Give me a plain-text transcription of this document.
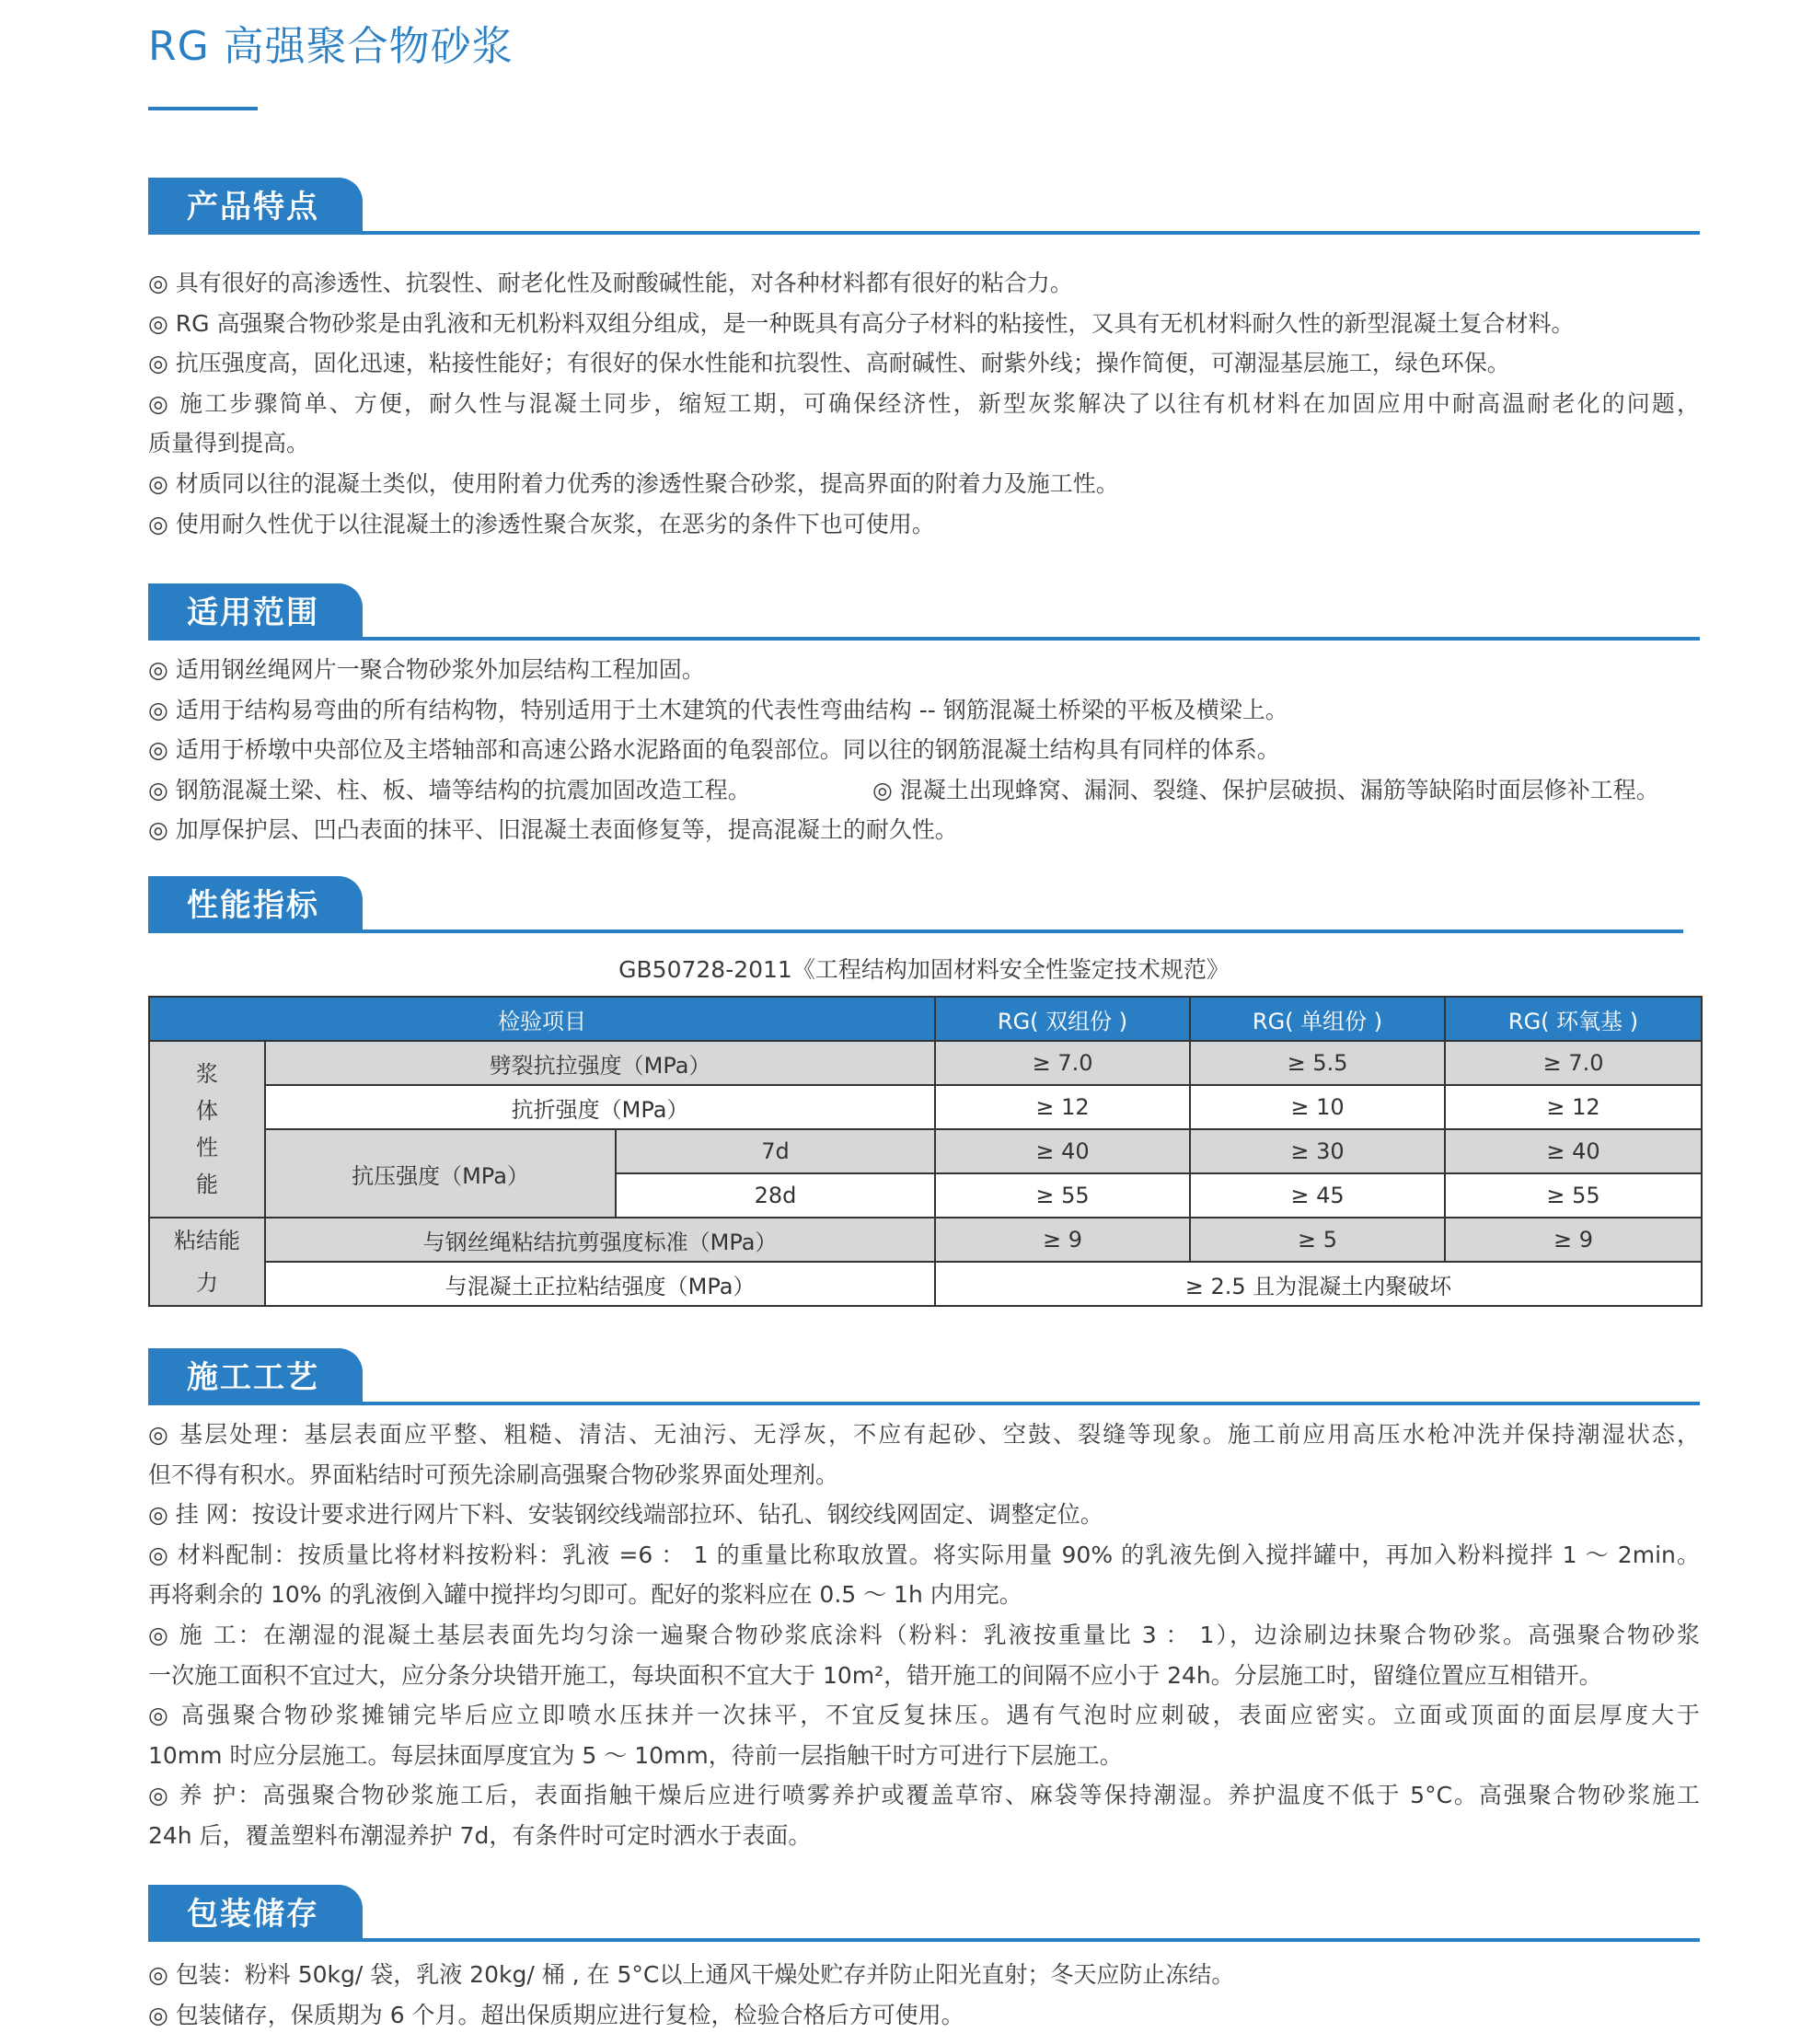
RG 高强聚合物砂浆
产品特点
◎ 具有很好的高渗透性、抗裂性、耐老化性及耐酸碱性能，对各种材料都有很好的粘合力。
◎ RG 高强聚合物砂浆是由乳液和无机粉料双组分组成，是一种既具有高分子材料的粘接性，又具有无机材料耐久性的新型混凝土复合材料。
◎ 抗压强度高，固化迅速，粘接性能好；有很好的保水性能和抗裂性、高耐碱性、耐紫外线；操作简便，可潮湿基层施工，绿色环保。
◎ 施工步骤简单、方便，耐久性与混凝土同步，缩短工期，可确保经济性，新型灰浆解决了以往有机材料在加固应用中耐高温耐老化的问题，
质量得到提高。
◎ 材质同以往的混凝土类似，使用附着力优秀的渗透性聚合砂浆，提高界面的附着力及施工性。
◎ 使用耐久性优于以往混凝土的渗透性聚合灰浆，在恶劣的条件下也可使用。
适用范围
◎ 适用钢丝绳网片一聚合物砂浆外加层结构工程加固。
◎ 适用于结构易弯曲的所有结构物，特别适用于土木建筑的代表性弯曲结构 -- 钢筋混凝土桥梁的平板及横梁上。
◎ 适用于桥墩中央部位及主塔轴部和高速公路水泥路面的龟裂部位。同以往的钢筋混凝土结构具有同样的体系。
◎ 钢筋混凝土梁、柱、板、墙等结构的抗震加固改造工程。	◎ 混凝土出现蜂窝、漏洞、裂缝、保护层破损、漏筋等缺陷时面层修补工程。
◎ 加厚保护层、凹凸表面的抹平、旧混凝土表面修复等，提高混凝土的耐久性。
性能指标
施工工艺
◎ 基层处理：基层表面应平整、粗糙、清洁、无油污、无浮灰，不应有起砂、空鼓、裂缝等现象。施工前应用高压水枪冲洗并保持潮湿状态，
但不得有积水。界面粘结时可预先涂刷高强聚合物砂浆界面处理剂。
◎ 挂 网：按设计要求进行网片下料、安装钢绞线端部拉环、钻孔、钢绞线网固定、调整定位。
◎ 材料配制：按质量比将材料按粉料：乳液 =6 ： 1 的重量比称取放置。将实际用量 90% 的乳液先倒入搅拌罐中，再加入粉料搅拌 1 ～ 2min。
再将剩余的 10% 的乳液倒入罐中搅拌均匀即可。配好的浆料应在 0.5 ～ 1h 内用完。
◎ 施 工：在潮湿的混凝土基层表面先均匀涂一遍聚合物砂浆底涂料（粉料：乳液按重量比 3 ： 1），边涂刷边抹聚合物砂浆。高强聚合物砂浆
一次施工面积不宜过大，应分条分块错开施工，每块面积不宜大于 10m²，错开施工的间隔不应小于 24h。分层施工时，留缝位置应互相错开。
◎ 高强聚合物砂浆摊铺完毕后应立即喷水压抹并一次抹平，不宜反复抹压。遇有气泡时应刺破，表面应密实。立面或顶面的面层厚度大于
10mm 时应分层施工。每层抹面厚度宜为 5 ～ 10mm，待前一层指触干时方可进行下层施工。
◎ 养 护：高强聚合物砂浆施工后，表面指触干燥后应进行喷雾养护或覆盖草帘、麻袋等保持潮湿。养护温度不低于 5°C。高强聚合物砂浆施工
24h 后，覆盖塑料布潮湿养护 7d，有条件时可定时洒水于表面。
包装储存
◎ 包装：粉料 50kg/ 袋，乳液 20kg/ 桶 , 在 5°C以上通风干燥处贮存并防止阳光直射；冬天应防止冻结。
◎ 包装储存，保质期为 6 个月。超出保质期应进行复检，检验合格后方可使用。
GB50728-2011《工程结构加固材料安全性鉴定技术规范》
检验项目			RG( 双组份 )	RG( 单组份 )	RG( 环氧基 )
浆体性能	劈裂抗拉强度（MPa）		≥ 7.0	≥ 5.5	≥ 7.0
	抗折强度（MPa）		≥ 12	≥ 10	≥ 12
	抗压强度（MPa）	7d	≥ 40	≥ 30	≥ 40
		28d	≥ 55	≥ 45	≥ 55
粘结能力	与钢丝绳粘结抗剪强度标准（MPa）		≥ 9	≥ 5	≥ 9
	与混凝土正拉粘结强度（MPa）		≥ 2.5 且为混凝土内聚破坏		
